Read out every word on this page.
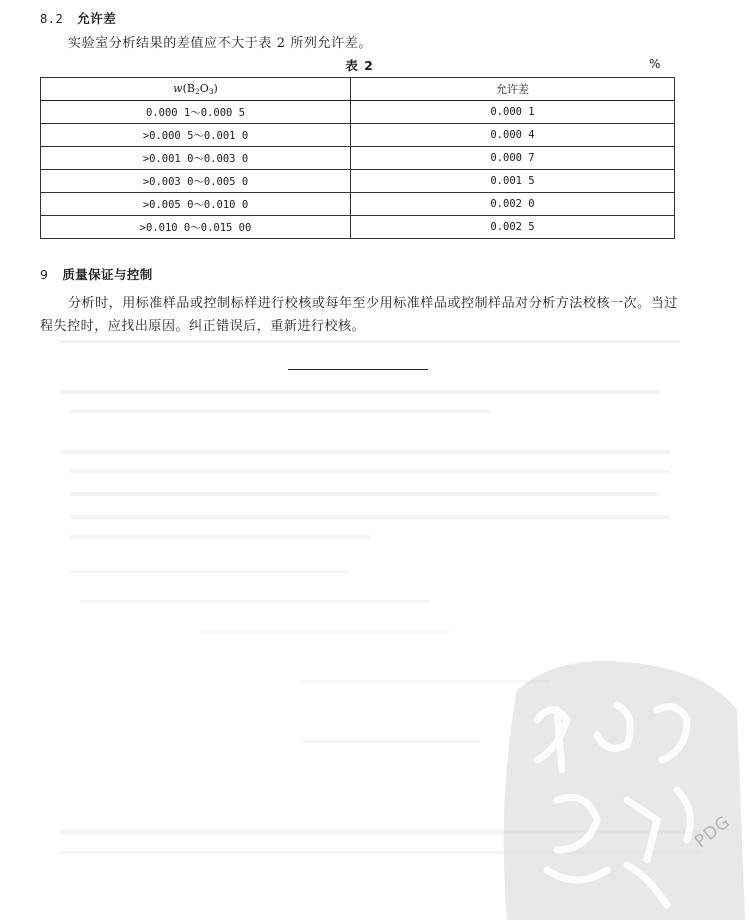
8.2 允许差
实验室分析结果的差值应不大于表 2 所列允许差。
表 2	%
$w(B_2O_3)$	允许差
0.000 1～0.000 5	0.000 1
>0.000 5～0.001 0	0.000 4
>0.001 0～0.003 0	0.000 7
>0.003 0～0.005 0	0.001 5
>0.005 0～0.010 0	0.002 0
>0.010 0～0.015 00	0.002 5
9 质量保证与控制
分析时，用标准样品或控制标样进行校核或每年至少用标准样品或控制样品对分析方法校核一次。当过程失控时，应找出原因。纠正错误后，重新进行校核。
PDG
